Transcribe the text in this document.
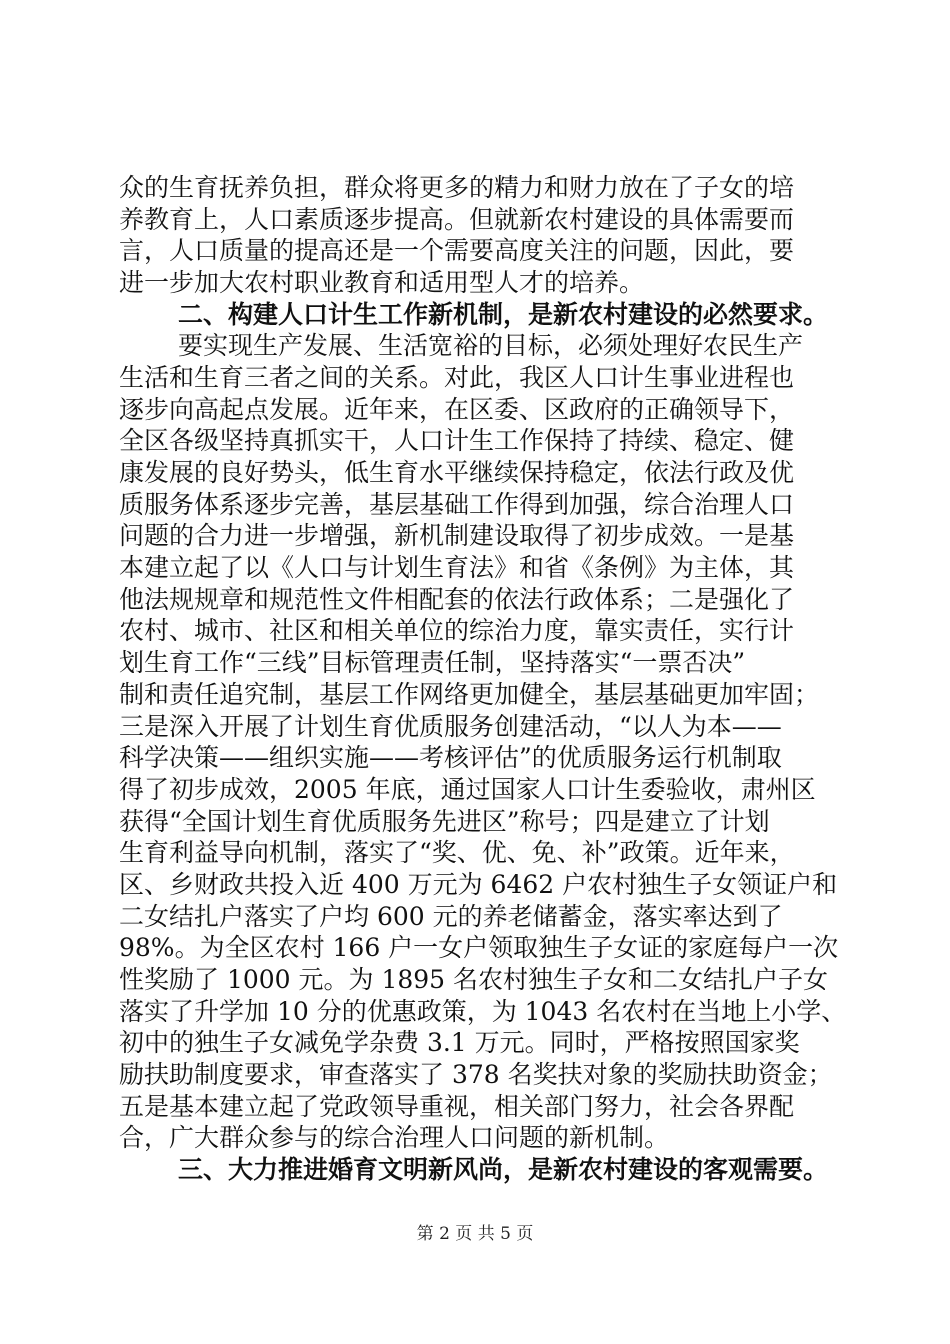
众的生育抚养负担，群众将更多的精力和财力放在了子女的培
养教育上，人口素质逐步提高。但就新农村建设的具体需要而
言，人口质量的提高还是一个需要高度关注的问题，因此，要
进一步加大农村职业教育和适用型人才的培养。
二、构建人口计生工作新机制，是新农村建设的必然要求。
要实现生产发展、生活宽裕的目标，必须处理好农民生产
生活和生育三者之间的关系。对此，我区人口计生事业进程也
逐步向高起点发展。近年来，在区委、区政府的正确领导下，
全区各级坚持真抓实干，人口计生工作保持了持续、稳定、健
康发展的良好势头，低生育水平继续保持稳定，依法行政及优
质服务体系逐步完善，基层基础工作得到加强，综合治理人口
问题的合力进一步增强，新机制建设取得了初步成效。一是基
本建立起了以《人口与计划生育法》和省《条例》为主体，其
他法规规章和规范性文件相配套的依法行政体系；二是强化了
农村、城市、社区和相关单位的综治力度，靠实责任，实行计
划生育工作“三线”目标管理责任制，坚持落实“一票否决”
制和责任追究制，基层工作网络更加健全，基层基础更加牢固；
三是深入开展了计划生育优质服务创建活动，“以人为本——
科学决策——组织实施——考核评估”的优质服务运行机制取
得了初步成效，2005 年底，通过国家人口计生委验收，肃州区
获得“全国计划生育优质服务先进区”称号；四是建立了计划
生育利益导向机制，落实了“奖、优、免、补”政策。近年来，
区、乡财政共投入近 400 万元为 6462 户农村独生子女领证户和
二女结扎户落实了户均 600 元的养老储蓄金，落实率达到了
98%。为全区农村 166 户一女户领取独生子女证的家庭每户一次
性奖励了 1000 元。为 1895 名农村独生子女和二女结扎户子女
落实了升学加 10 分的优惠政策，为 1043 名农村在当地上小学、
初中的独生子女减免学杂费 3.1 万元。同时，严格按照国家奖
励扶助制度要求，审查落实了 378 名奖扶对象的奖励扶助资金；
五是基本建立起了党政领导重视，相关部门努力，社会各界配
合，广大群众参与的综合治理人口问题的新机制。
三、大力推进婚育文明新风尚，是新农村建设的客观需要。
第 2 页 共 5 页
